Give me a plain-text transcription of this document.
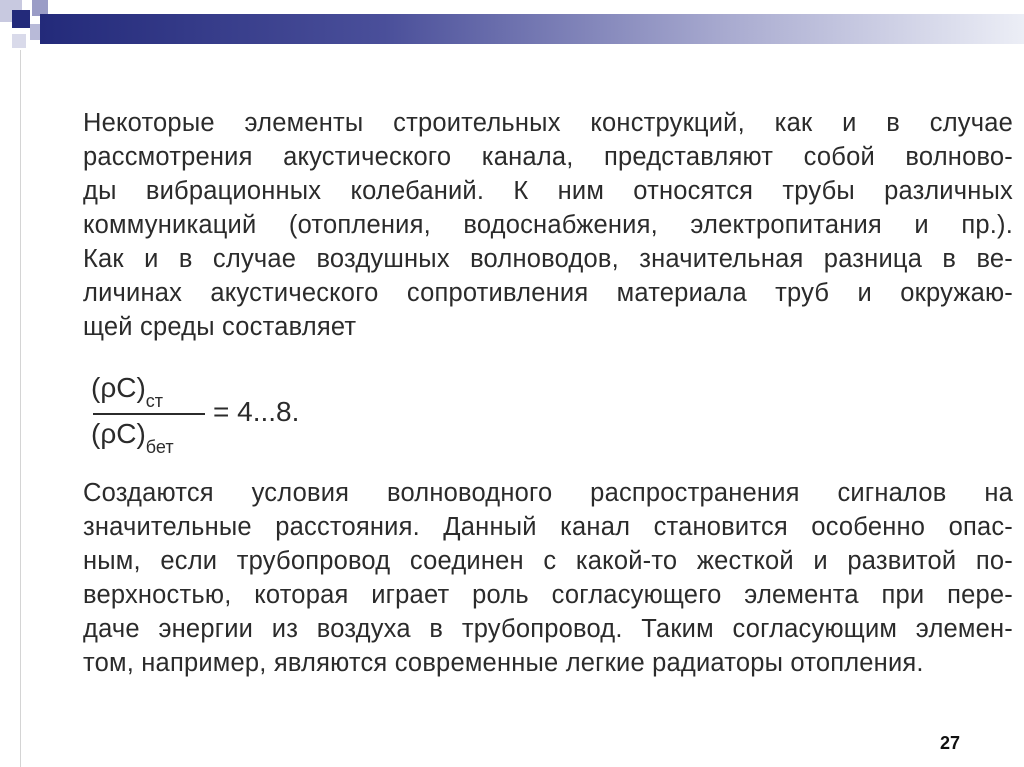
Некоторые элементы строительных конструкций, как и в случае
рассмотрения акустического канала, представляют собой волново-
ды вибрационных колебаний. К ним относятся трубы различных
коммуникаций (отопления, водоснабжения, электропитания и пр.).
Как и в случае воздушных волноводов, значительная разница в ве-
личинах акустического сопротивления материала труб и окружаю-
щей среды составляет
$(\rho C)_{ст}$
$(\rho C)_{бет}$
= 4...8.
Создаются условия волноводного распространения сигналов на
значительные расстояния. Данный канал становится особенно опас-
ным, если трубопровод соединен с какой-то жесткой и развитой по-
верхностью, которая играет роль согласующего элемента при пере-
даче энергии из воздуха в трубопровод. Таким согласующим элемен-
том, например, являются современные легкие радиаторы отопления.
27
